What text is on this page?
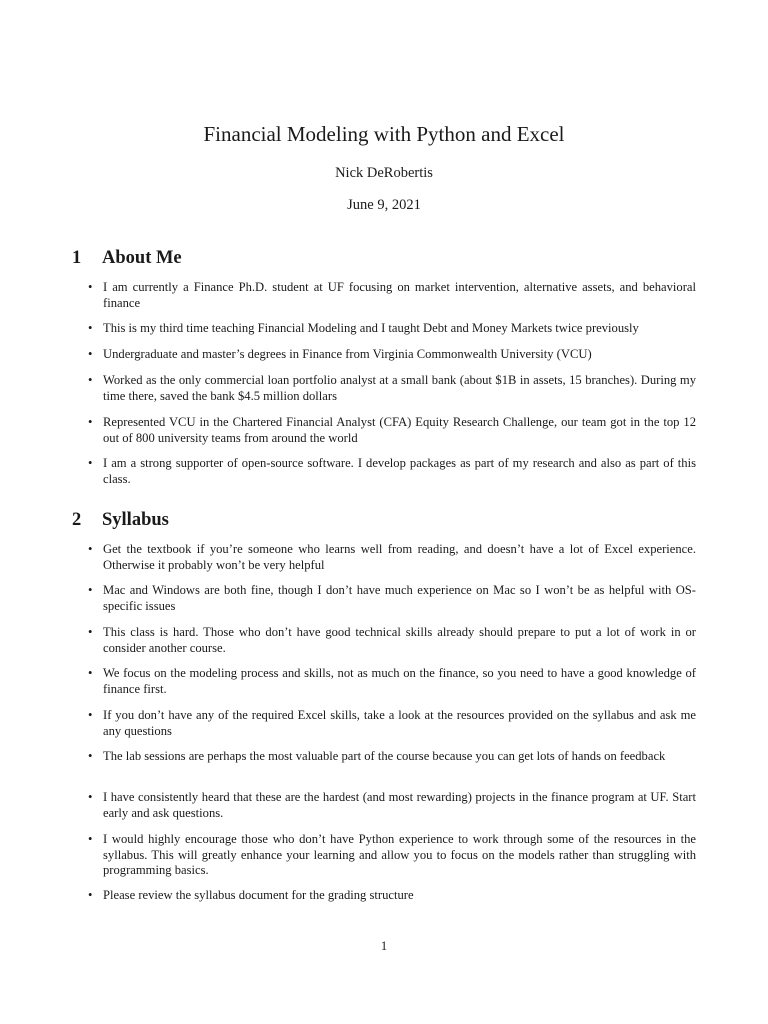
Financial Modeling with Python and Excel
Nick DeRobertis
June 9, 2021
1	About Me
• I am currently a Finance Ph.D. student at UF focusing on market intervention, alternative assets, and behavioral finance
• This is my third time teaching Financial Modeling and I taught Debt and Money Markets twice previously
• Undergraduate and master’s degrees in Finance from Virginia Commonwealth University (VCU)
• Worked as the only commercial loan portfolio analyst at a small bank (about $1B in assets, 15 branches). During my time there, saved the bank $4.5 million dollars
• Represented VCU in the Chartered Financial Analyst (CFA) Equity Research Challenge, our team got in the top 12 out of 800 university teams from around the world
• I am a strong supporter of open-source software. I develop packages as part of my research and also as part of this class.
2	Syllabus
• Get the textbook if you’re someone who learns well from reading, and doesn’t have a lot of Excel experience. Otherwise it probably won’t be very helpful
• Mac and Windows are both fine, though I don’t have much experience on Mac so I won’t be as helpful with OS-specific issues
• This class is hard. Those who don’t have good technical skills already should prepare to put a lot of work in or consider another course.
• We focus on the modeling process and skills, not as much on the finance, so you need to have a good knowledge of finance first.
• If you don’t have any of the required Excel skills, take a look at the resources provided on the syllabus and ask me any questions
• The lab sessions are perhaps the most valuable part of the course because you can get lots of hands on feedback
• I have consistently heard that these are the hardest (and most rewarding) projects in the finance program at UF. Start early and ask questions.
• I would highly encourage those who don’t have Python experience to work through some of the resources in the syllabus. This will greatly enhance your learning and allow you to focus on the models rather than struggling with programming basics.
• Please review the syllabus document for the grading structure
1
